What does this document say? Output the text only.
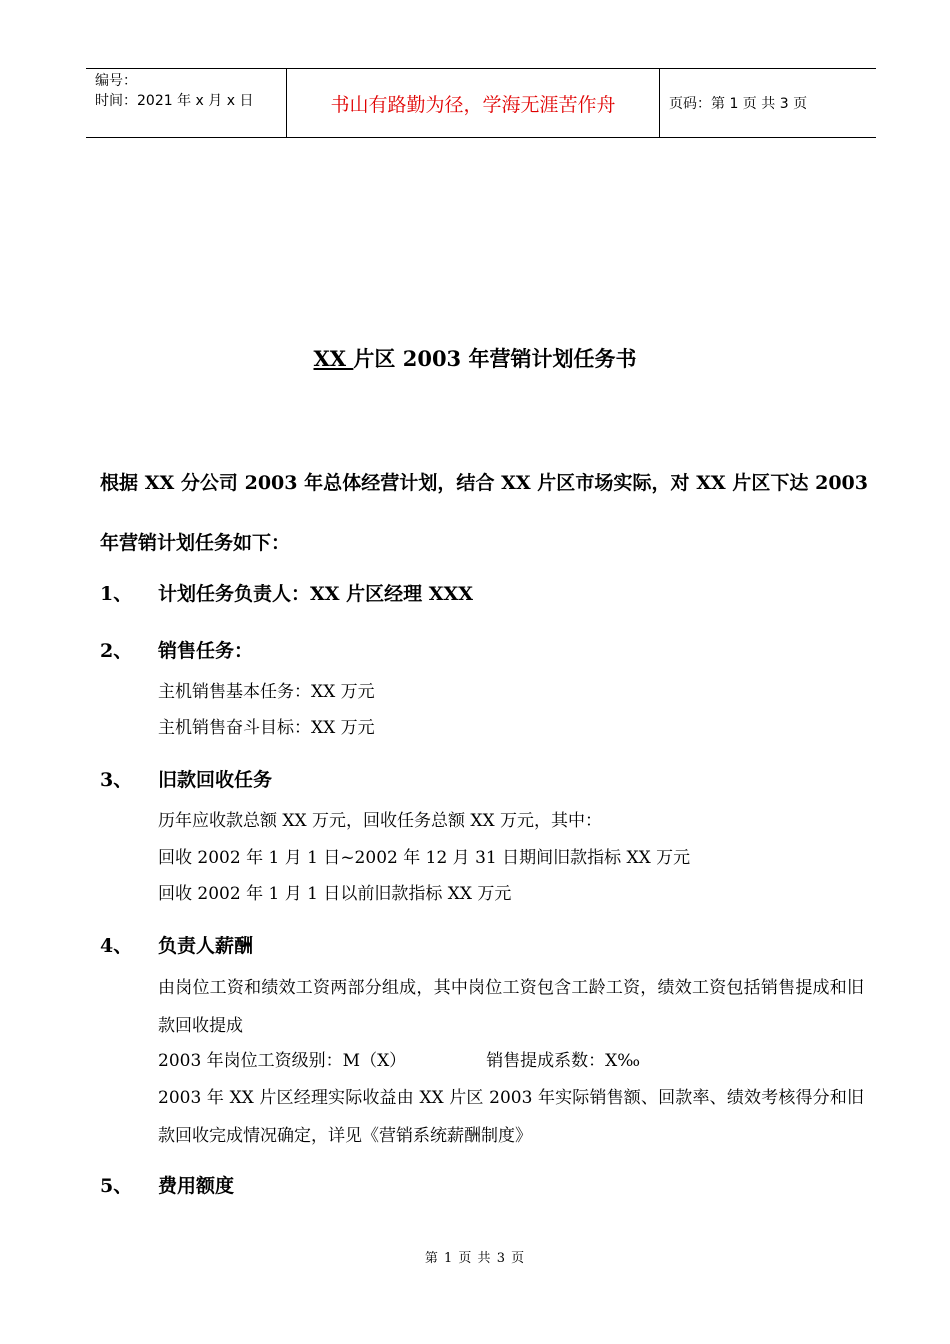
编号：
时间：2021 年 x 月 x 日	书山有路勤为径，学海无涯苦作舟	页码：第 1 页 共 3 页
XX 片区 2003 年营销计划任务书
根据 XX 分公司 2003 年总体经营计划，结合 XX 片区市场实际，对 XX 片区下达 2003 年营销计划任务如下：
1、	计划任务负责人：XX 片区经理 XXX
2、	销售任务：
主机销售基本任务：XX 万元
主机销售奋斗目标：XX 万元
3、	旧款回收任务
历年应收款总额 XX 万元，回收任务总额 XX 万元，其中：
回收 2002 年 1 月 1 日~2002 年 12 月 31 日期间旧款指标 XX 万元
回收 2002 年 1 月 1 日以前旧款指标 XX 万元
4、	负责人薪酬
由岗位工资和绩效工资两部分组成，其中岗位工资包含工龄工资，绩效工资包括销售提成和旧款回收提成
2003 年岗位工资级别：M（X）	销售提成系数：X‰
2003 年 XX 片区经理实际收益由 XX 片区 2003 年实际销售额、回款率、绩效考核得分和旧款回收完成情况确定，详见《营销系统薪酬制度》
5、	费用额度
第 1 页 共 3 页
